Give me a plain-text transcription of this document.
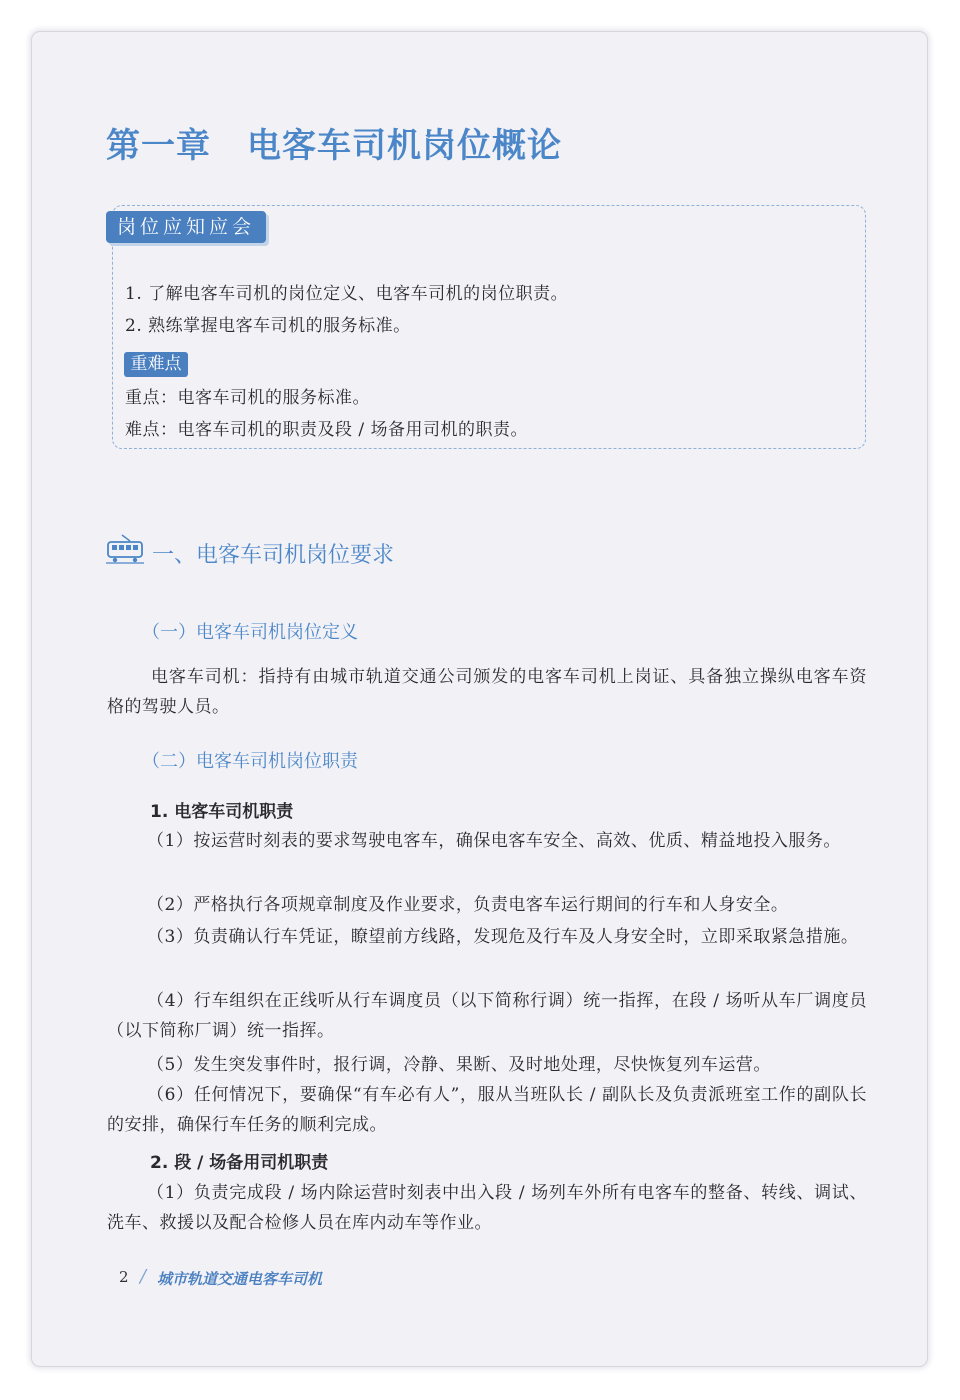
第一章 电客车司机岗位概论
岗位应知应会
1. 了解电客车司机的岗位定义、电客车司机的岗位职责。
2. 熟练掌握电客车司机的服务标准。
重难点
重点：电客车司机的服务标准。
难点：电客车司机的职责及段 / 场备用司机的职责。
一、电客车司机岗位要求
（一）电客车司机岗位定义
电客车司机：指持有由城市轨道交通公司颁发的电客车司机上岗证、具备独立操纵电客车资格的驾驶人员。
（二）电客车司机岗位职责
1. 电客车司机职责
（1）按运营时刻表的要求驾驶电客车，确保电客车安全、高效、优质、精益地投入服务。
（2）严格执行各项规章制度及作业要求，负责电客车运行期间的行车和人身安全。
（3）负责确认行车凭证，瞭望前方线路，发现危及行车及人身安全时，立即采取紧急措施。
（4）行车组织在正线听从行车调度员（以下简称行调）统一指挥，在段 / 场听从车厂调度员（以下简称厂调）统一指挥。
（5）发生突发事件时，报行调，冷静、果断、及时地处理，尽快恢复列车运营。
（6）任何情况下，要确保“有车必有人”，服从当班队长 / 副队长及负责派班室工作的副队长的安排，确保行车任务的顺利完成。
2. 段 / 场备用司机职责
（1）负责完成段 / 场内除运营时刻表中出入段 / 场列车外所有电客车的整备、转线、调试、洗车、救援以及配合检修人员在库内动车等作业。
2 / 城市轨道交通电客车司机
